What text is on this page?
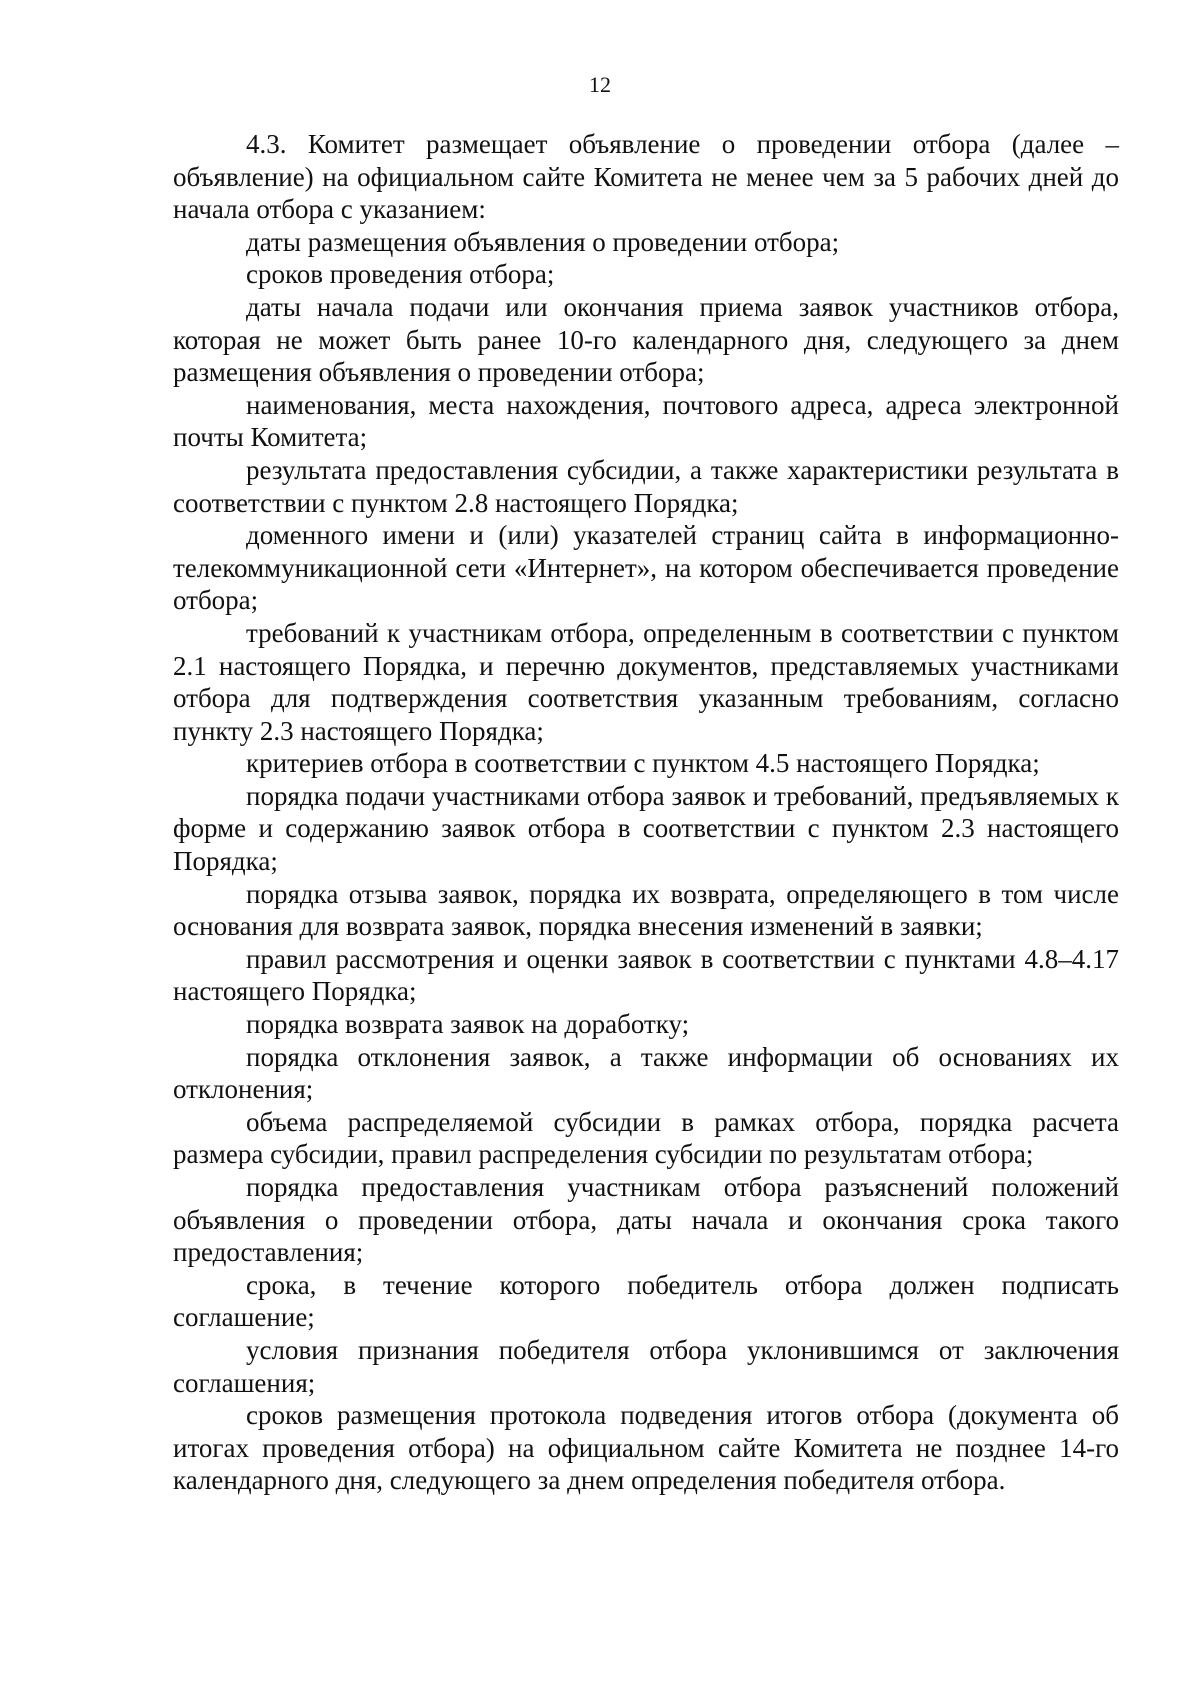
12

4.3. Комитет размещает объявление о проведении отбора (далее – объявление) на официальном сайте Комитета не менее чем за 5 рабочих дней до начала отбора с указанием:

даты размещения объявления о проведении отбора;

сроков проведения отбора;

даты начала подачи или окончания приема заявок участников отбора, которая не может быть ранее 10-го календарного дня, следующего за днем размещения объявления о проведении отбора;

наименования, места нахождения, почтового адреса, адреса электронной почты Комитета;

результата предоставления субсидии, а также характеристики результата в соответствии с пунктом 2.8 настоящего Порядка;

доменного имени и (или) указателей страниц сайта в информационно-телекоммуникационной сети «Интернет», на котором обеспечивается проведение отбора;

требований к участникам отбора, определенным в соответствии с пунктом 2.1 настоящего Порядка, и перечню документов, представляемых участниками отбора для подтверждения соответствия указанным требованиям, согласно пункту 2.3 настоящего Порядка;

критериев отбора в соответствии с пунктом 4.5 настоящего Порядка;

порядка подачи участниками отбора заявок и требований, предъявляемых к форме и содержанию заявок отбора в соответствии с пунктом 2.3 настоящего Порядка;

порядка отзыва заявок, порядка их возврата, определяющего в том числе основания для возврата заявок, порядка внесения изменений в заявки;

правил рассмотрения и оценки заявок в соответствии с пунктами 4.8–4.17 настоящего Порядка;

порядка возврата заявок на доработку;

порядка отклонения заявок, а также информации об основаниях их отклонения;

объема распределяемой субсидии в рамках отбора, порядка расчета размера субсидии, правил распределения субсидии по результатам отбора;

порядка предоставления участникам отбора разъяснений положений объявления о проведении отбора, даты начала и окончания срока такого предоставления;

срока, в течение которого победитель отбора должен подписать соглашение;

условия признания победителя отбора уклонившимся от заключения соглашения;

сроков размещения протокола подведения итогов отбора (документа об итогах проведения отбора) на официальном сайте Комитета не позднее 14-го календарного дня, следующего за днем определения победителя отбора.
